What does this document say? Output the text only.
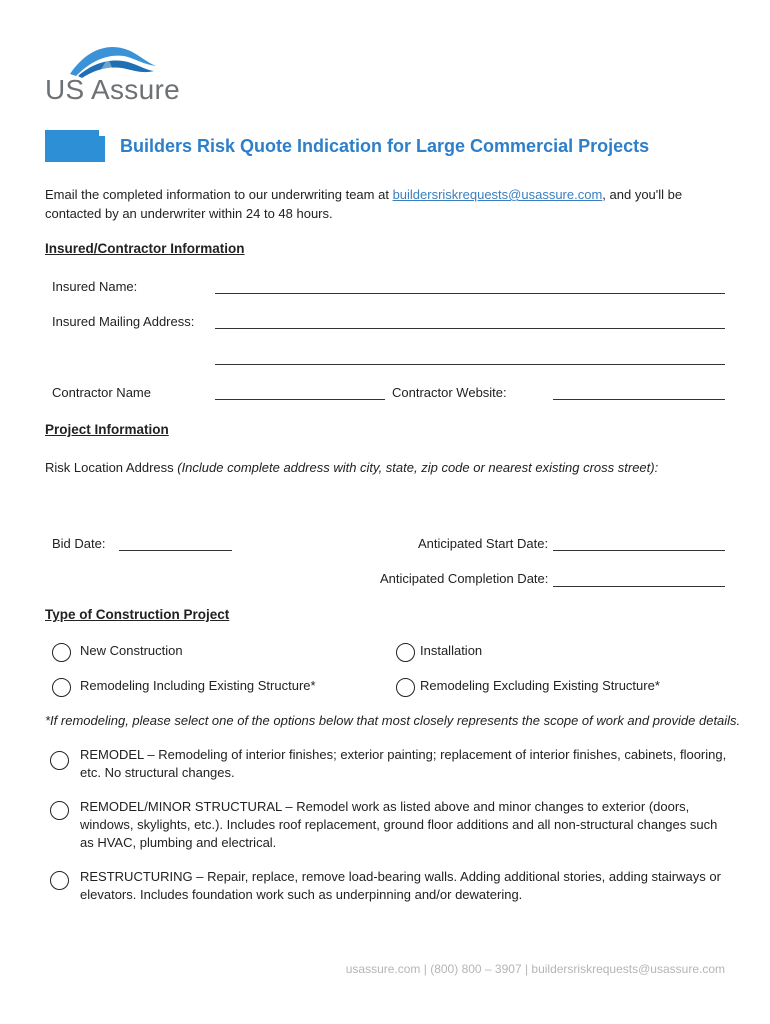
US Assure
Builders Risk Quote Indication for Large Commercial Projects
Email the completed information to our underwriting team at buildersriskrequests@usassure.com, and you'll be contacted by an underwriter within 24 to 48 hours.
Insured/Contractor Information
Insured Name:
Insured Mailing Address:
Contractor Name	Contractor Website:
Project Information
Risk Location Address (Include complete address with city, state, zip code or nearest existing cross street):
Bid Date:	Anticipated Start Date:
Anticipated Completion Date:
Type of Construction Project
New Construction	Installation
Remodeling Including Existing Structure*	Remodeling Excluding Existing Structure*
*If remodeling, please select one of the options below that most closely represents the scope of work and provide details.
REMODEL – Remodeling of interior finishes; exterior painting; replacement of interior finishes, cabinets, flooring, etc. No structural changes.
REMODEL/MINOR STRUCTURAL – Remodel work as listed above and minor changes to exterior (doors, windows, skylights, etc.). Includes roof replacement, ground floor additions and all non-structural changes such as HVAC, plumbing and electrical.
RESTRUCTURING – Repair, replace, remove load-bearing walls. Adding additional stories, adding stairways or elevators. Includes foundation work such as underpinning and/or dewatering.
usassure.com | (800) 800 – 3907 | buildersriskrequests@usassure.com
